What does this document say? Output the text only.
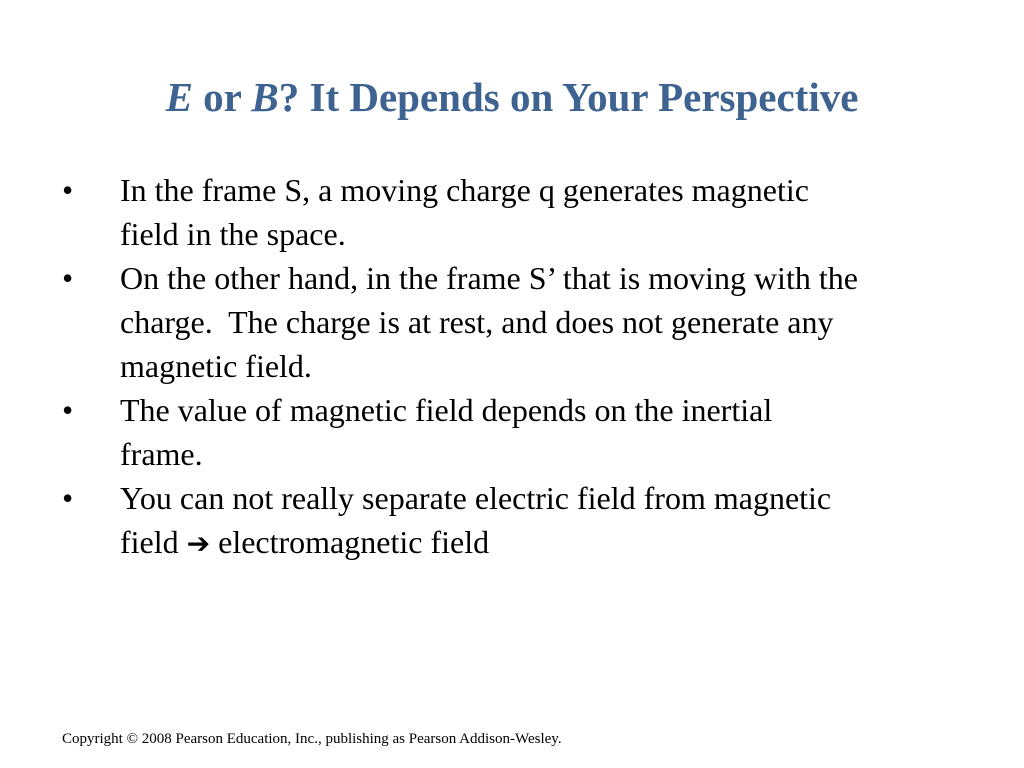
E or B? It Depends on Your Perspective
•	In the frame S, a moving charge q generates magnetic
field in the space.
•	On the other hand, in the frame S’ that is moving with the
charge.  The charge is at rest, and does not generate any
magnetic field.
•	The value of magnetic field depends on the inertial
frame.
•	You can not really separate electric field from magnetic
field ➔ electromagnetic field
Copyright © 2008 Pearson Education, Inc., publishing as Pearson Addison-Wesley.
